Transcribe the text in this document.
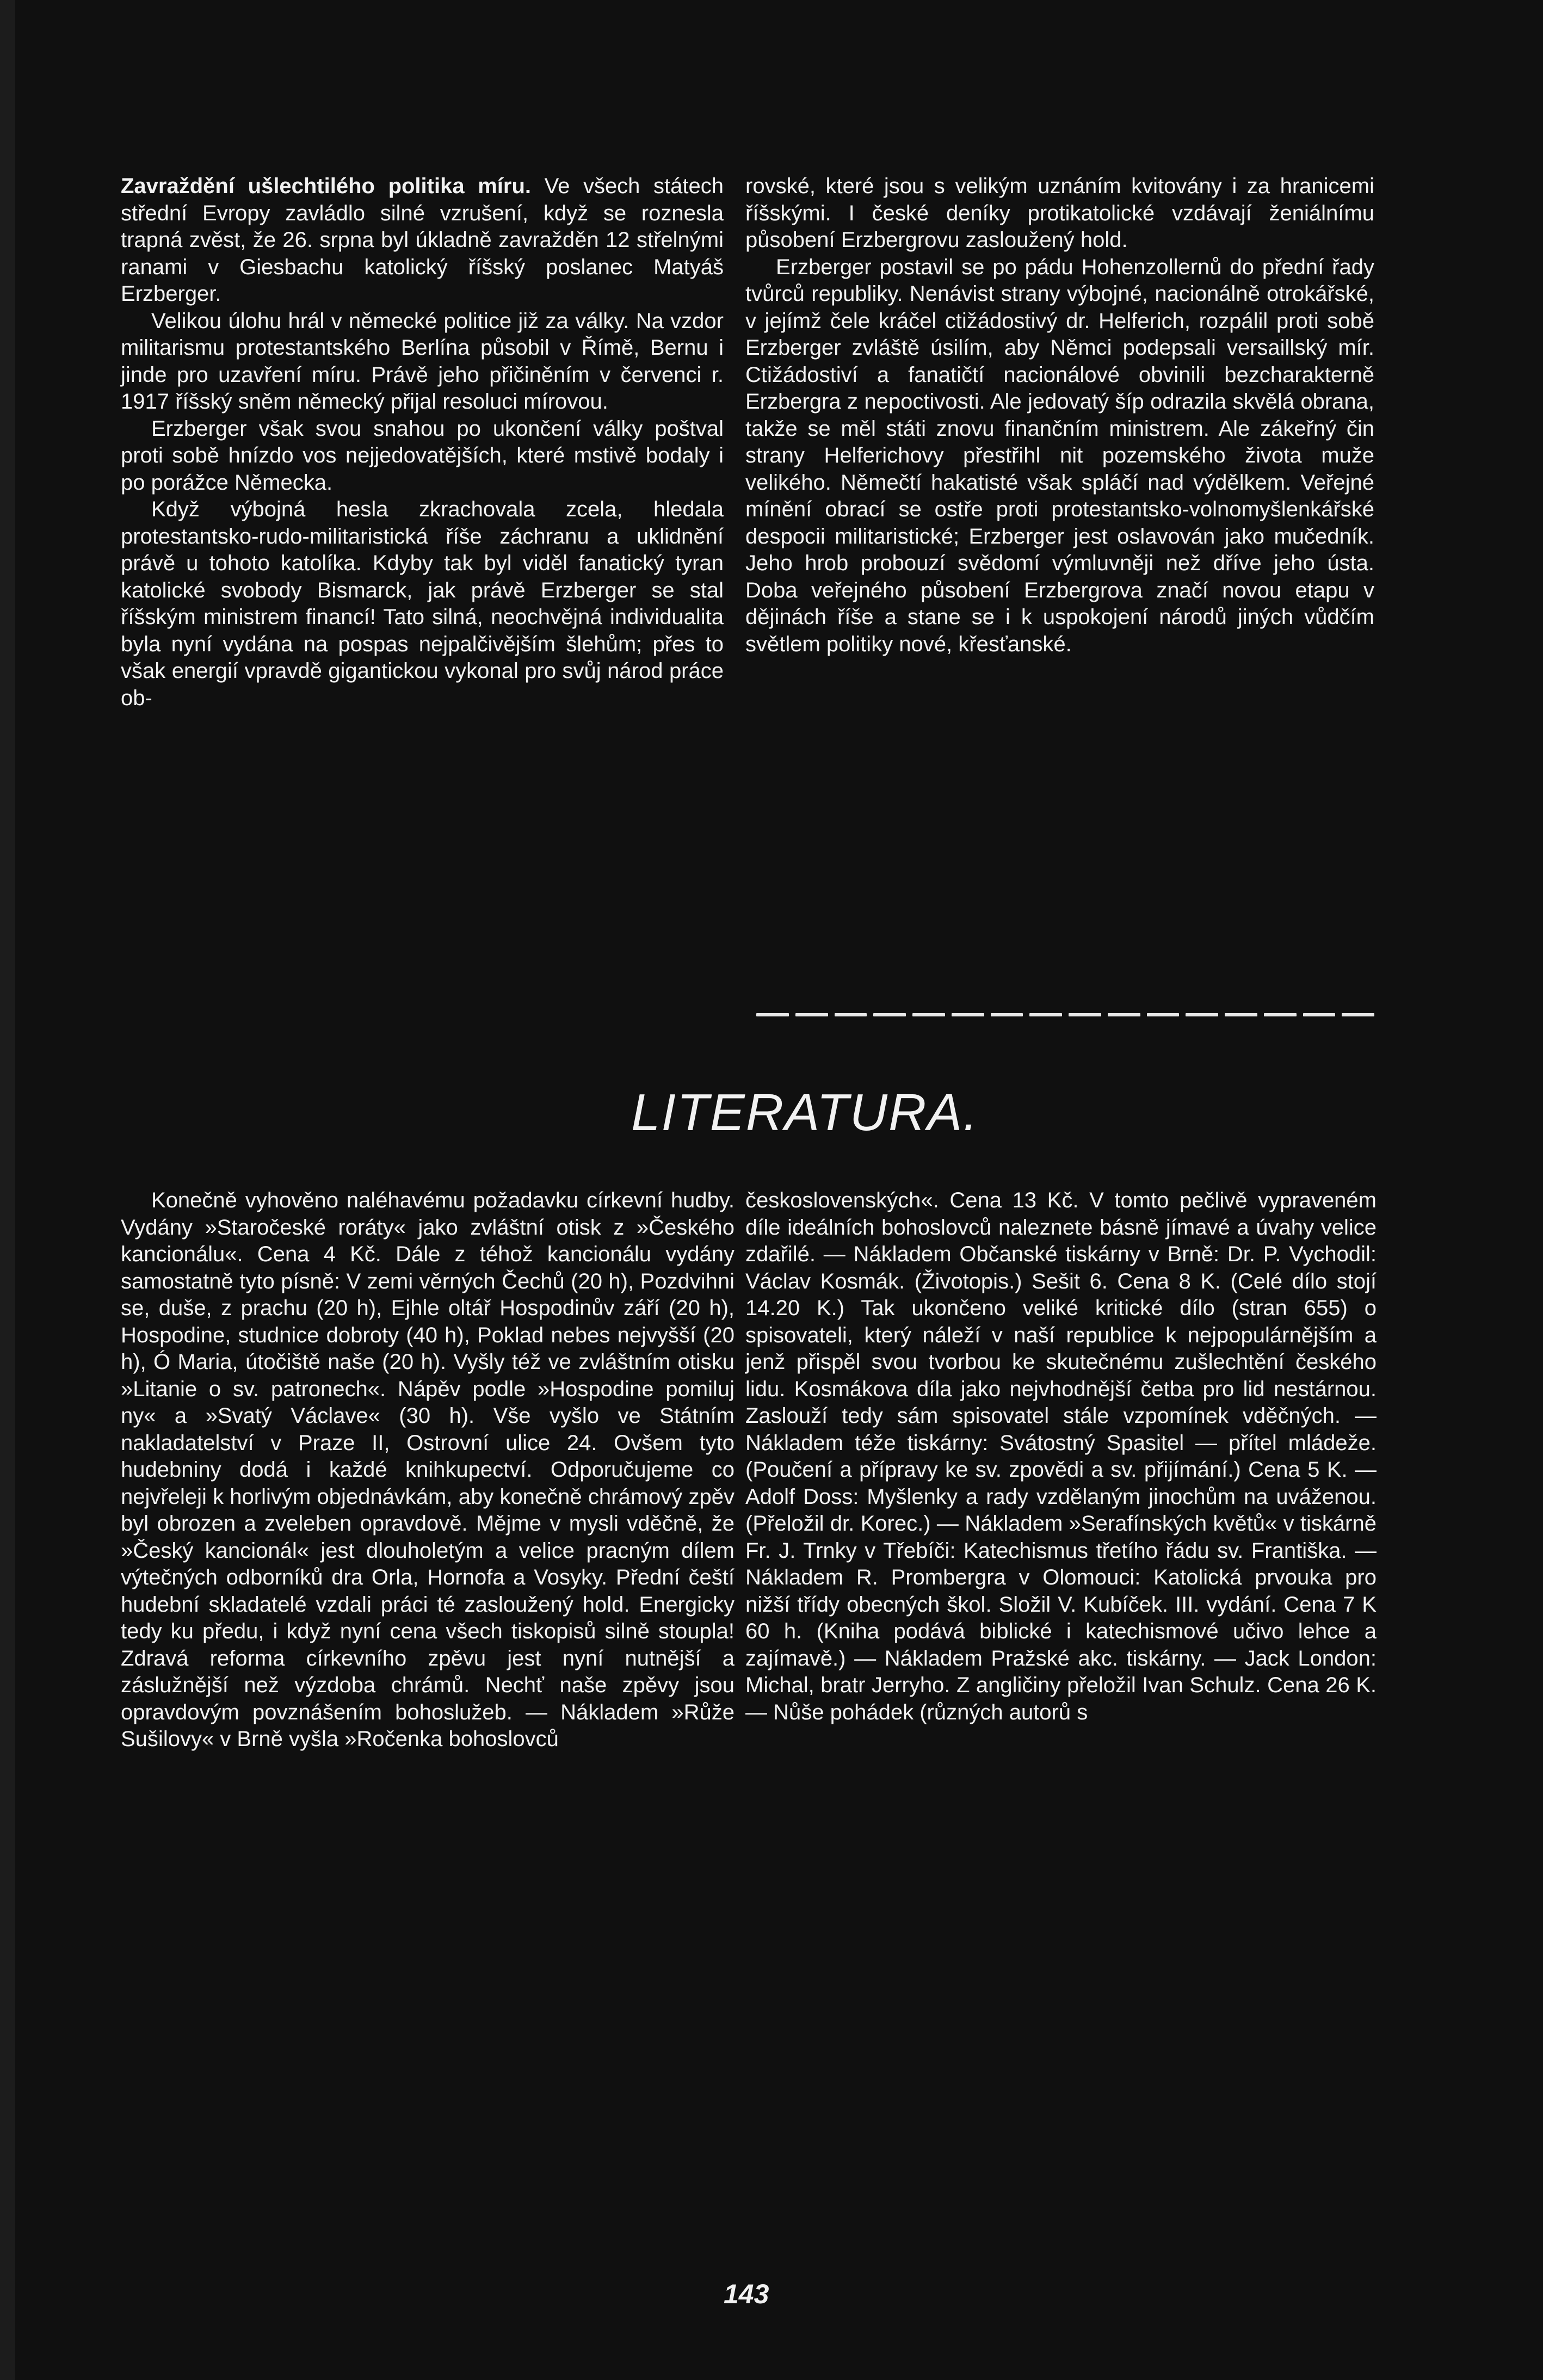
Zavraždění ušlechtilého politika míru. Ve všech státech střední Evropy zavládlo silné vzrušení, když se roznesla trapná zvěst, že 26. srpna byl úkladně zavražděn 12 střelnými ranami v Giesbachu katolický říšský poslanec Matyáš Erzberger.

Velikou úlohu hrál v německé politice již za války. Na vzdor militarismu protestantského Berlína působil v Římě, Bernu i jinde pro uzavření míru. Právě jeho přičiněním v červenci r. 1917 říšský sněm německý přijal resoluci mírovou.

Erzberger však svou snahou po ukončení války poštval proti sobě hnízdo vos nejjedovatějších, které mstivě bodaly i po porážce Německa.

Když výbojná hesla zkrachovala zcela, hledala protestantsko-rudo-militaristická říše záchranu a uklidnění právě u tohoto katolíka. Kdyby tak byl viděl fanatický tyran katolické svobody Bismarck, jak právě Erzberger se stal říšským ministrem financí! Tato silná, neochvějná individualita byla nyní vydána na pospas nejpalčivějším šlehům; přes to však energií vpravdě gigantickou vykonal pro svůj národ práce ob-

rovské, které jsou s velikým uznáním kvitovány i za hranicemi říšskými. I české deníky protikatolické vzdávají ženiálnímu působení Erzbergrovu zasloužený hold.

Erzberger postavil se po pádu Hohenzollernů do přední řady tvůrců republiky. Nenávist strany výbojné, nacionálně otrokářské, v jejímž čele kráčel ctižádostivý dr. Helferich, rozpálil proti sobě Erzberger zvláště úsilím, aby Němci podepsali versaillský mír. Ctižádostiví a fanatičtí nacionálové obvinili bezcharakterně Erzbergra z nepoctivosti. Ale jedovatý šíp odrazila skvělá obrana, takže se měl státi znovu finančním ministrem. Ale zákeřný čin strany Helferichovy přestřihl nit pozemského života muže velikého. Němečtí hakatisté však spláčí nad výdělkem. Veřejné mínění obrací se ostře proti protestantsko-volnomyšlenkářské despocii militaristické; Erzberger jest oslavován jako mučedník. Jeho hrob probouzí svědomí výmluvněji než dříve jeho ústa. Doba veřejného působení Erzbergrova značí novou etapu v dějinách říše a stane se i k uspokojení národů jiných vůdčím světlem politiky nové, křesťanské.

LITERATURA.

Konečně vyhověno naléhavému požadavku církevní hudby. Vydány »Staročeské roráty« jako zvláštní otisk z »Českého kancionálu«. Cena 4 Kč. Dále z téhož kancionálu vydány samostatně tyto písně: V zemi věrných Čechů (20 h), Pozdvihni se, duše, z prachu (20 h), Ejhle oltář Hospodinův září (20 h), Hospodine, studnice dobroty (40 h), Poklad nebes nejvyšší (20 h), Ó Maria, útočiště naše (20 h). Vyšly též ve zvláštním otisku »Litanie o sv. patronech«. Nápěv podle »Hospodine pomiluj ny« a »Svatý Václave« (30 h). Vše vyšlo ve Státním nakladatelství v Praze II, Ostrovní ulice 24. Ovšem tyto hudebniny dodá i každé knihkupectví. Odporučujeme co nejvřeleji k horlivým objednávkám, aby konečně chrámový zpěv byl obrozen a zveleben opravdově. Mějme v mysli vděčně, že »Český kancionál« jest dlouholetým a velice pracným dílem výtečných odborníků dra Orla, Hornofa a Vosyky. Přední čeští hudební skladatelé vzdali práci té zasloužený hold. Energicky tedy ku předu, i když nyní cena všech tiskopisů silně stoupla! Zdravá reforma církevního zpěvu jest nyní nutnější a záslužnější než výzdoba chrámů. Nechť naše zpěvy jsou opravdovým povznášením bohoslužeb. — Nákladem »Růže Sušilovy« v Brně vyšla »Ročenka bohoslovců

československých«. Cena 13 Kč. V tomto pečlivě vypraveném díle ideálních bohoslovců naleznete básně jímavé a úvahy velice zdařilé. — Nákladem Občanské tiskárny v Brně: Dr. P. Vychodil: Václav Kosmák. (Životopis.) Sešit 6. Cena 8 K. (Celé dílo stojí 14.20 K.) Tak ukončeno veliké kritické dílo (stran 655) o spisovateli, který náleží v naší republice k nejpopulárnějším a jenž přispěl svou tvorbou ke skutečnému zušlechtění českého lidu. Kosmákova díla jako nejvhodnější četba pro lid nestárnou. Zaslouží tedy sám spisovatel stále vzpomínek vděčných. — Nákladem téže tiskárny: Svátostný Spasitel — přítel mládeže. (Poučení a přípravy ke sv. zpovědi a sv. přijímání.) Cena 5 K. — Adolf Doss: Myšlenky a rady vzdělaným jinochům na uváženou. (Přeložil dr. Korec.) — Nákladem »Serafínských květů« v tiskárně Fr. J. Trnky v Třebíči: Katechismus třetího řádu sv. Františka. — Nákladem R. Prombergra v Olomouci: Katolická prvouka pro nižší třídy obecných škol. Složil V. Kubíček. III. vydání. Cena 7 K 60 h. (Kniha podává biblické i katechismové učivo lehce a zajímavě.) — Nákladem Pražské akc. tiskárny. — Jack London: Michal, bratr Jerryho. Z angličiny přeložil Ivan Schulz. Cena 26 K. — Nůše pohádek (různých autorů s

143
